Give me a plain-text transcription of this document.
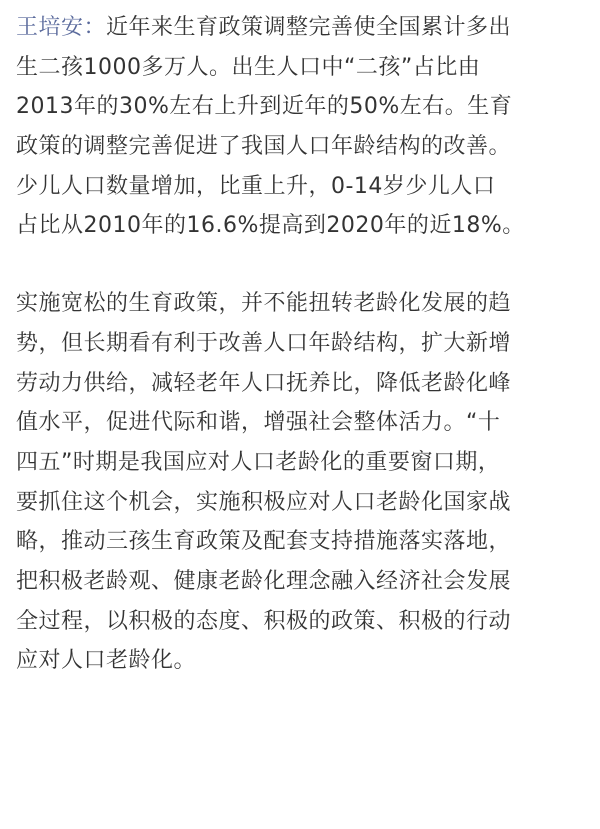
王培安：近年来生育政策调整完善使全国累计多出
生二孩1000多万人。出生人口中“二孩”占比由
2013年的30%左右上升到近年的50%左右。生育
政策的调整完善促进了我国人口年龄结构的改善。
少儿人口数量增加，比重上升，0-14岁少儿人口
占比从2010年的16.6%提高到2020年的近18%。
实施宽松的生育政策，并不能扭转老龄化发展的趋
势，但长期看有利于改善人口年龄结构，扩大新增
劳动力供给，减轻老年人口抚养比，降低老龄化峰
值水平，促进代际和谐，增强社会整体活力。“十
四五”时期是我国应对人口老龄化的重要窗口期，
要抓住这个机会，实施积极应对人口老龄化国家战
略，推动三孩生育政策及配套支持措施落实落地，
把积极老龄观、健康老龄化理念融入经济社会发展
全过程，以积极的态度、积极的政策、积极的行动
应对人口老龄化。
